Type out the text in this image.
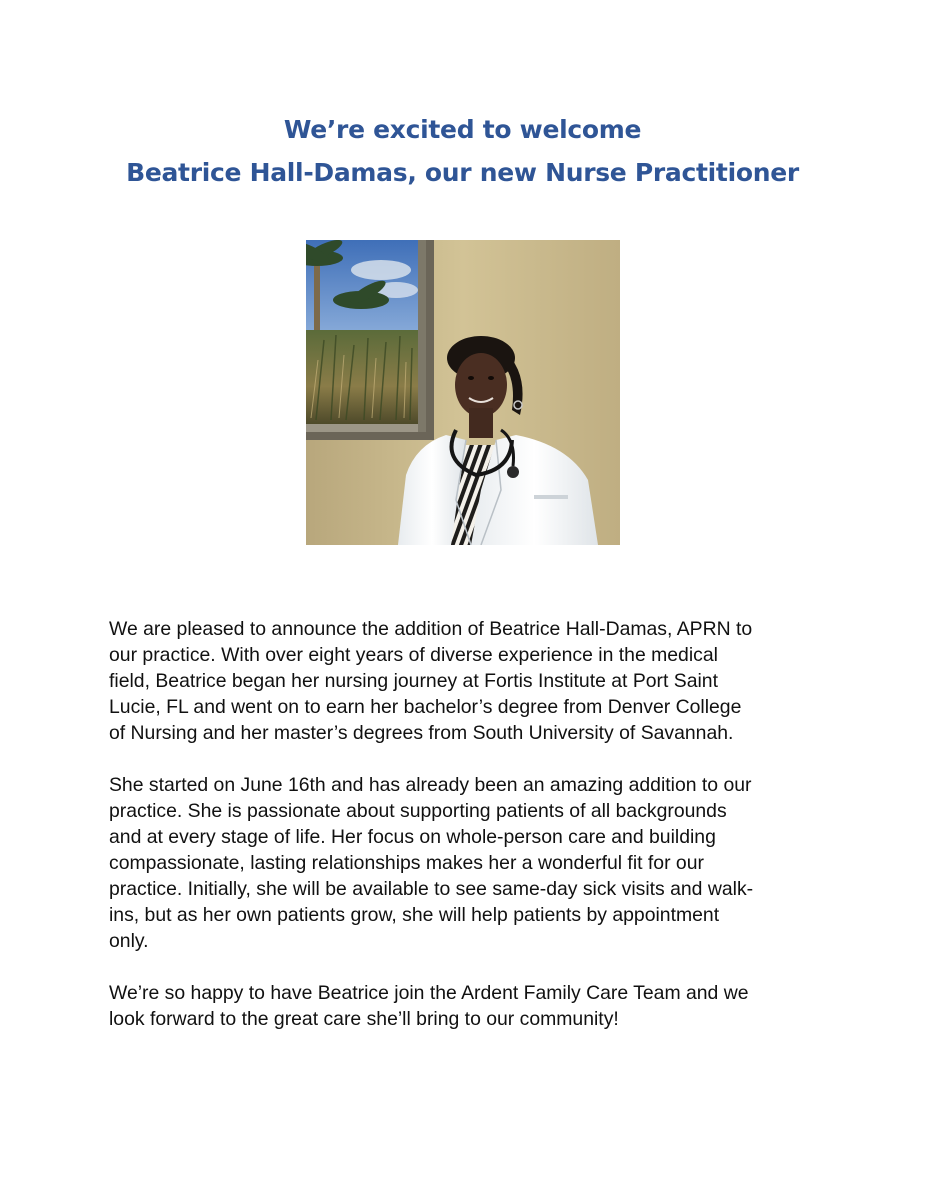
We’re excited to welcome
Beatrice Hall-Damas, our new Nurse Practitioner

We are pleased to announce the addition of Beatrice Hall-Damas, APRN to
our practice. With over eight years of diverse experience in the medical
field, Beatrice began her nursing journey at Fortis Institute at Port Saint
Lucie, FL and went on to earn her bachelor’s degree from Denver College
of Nursing and her master’s degrees from South University of Savannah.

She started on June 16th and has already been an amazing addition to our
practice. She is passionate about supporting patients of all backgrounds
and at every stage of life. Her focus on whole-person care and building
compassionate, lasting relationships makes her a wonderful fit for our
practice. Initially, she will be available to see same-day sick visits and walk-
ins, but as her own patients grow, she will help patients by appointment
only.

We’re so happy to have Beatrice join the Ardent Family Care Team and we
look forward to the great care she’ll bring to our community!
